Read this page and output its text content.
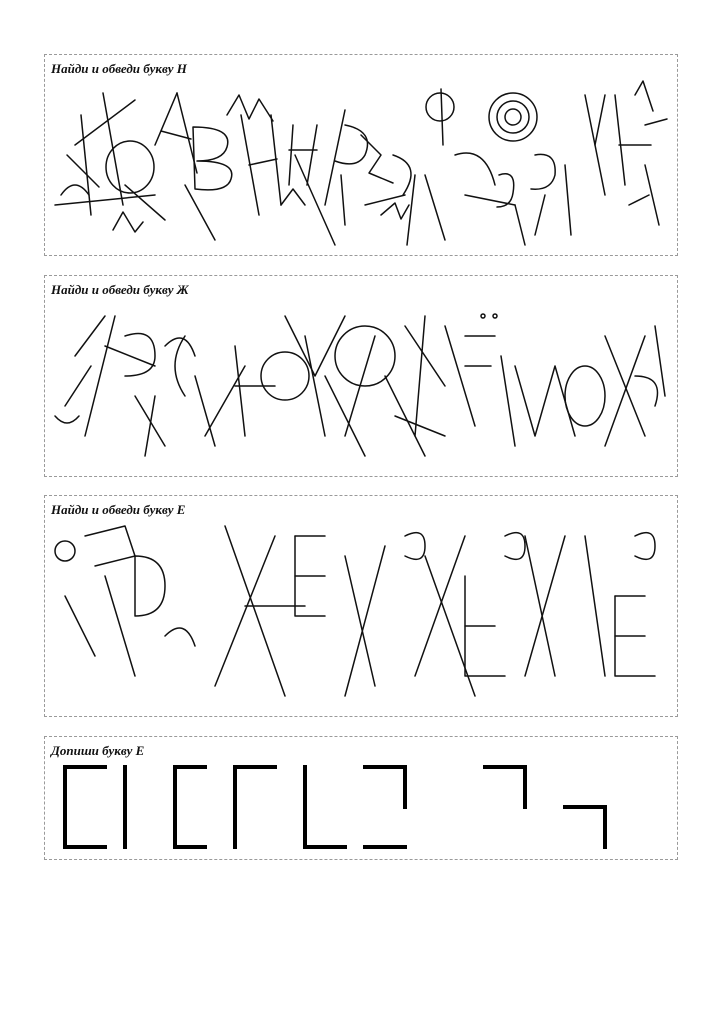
Найди и обведи букву Н
Найди и обведи букву Ж
Найди и обведи букву Е
Допиши букву Е
